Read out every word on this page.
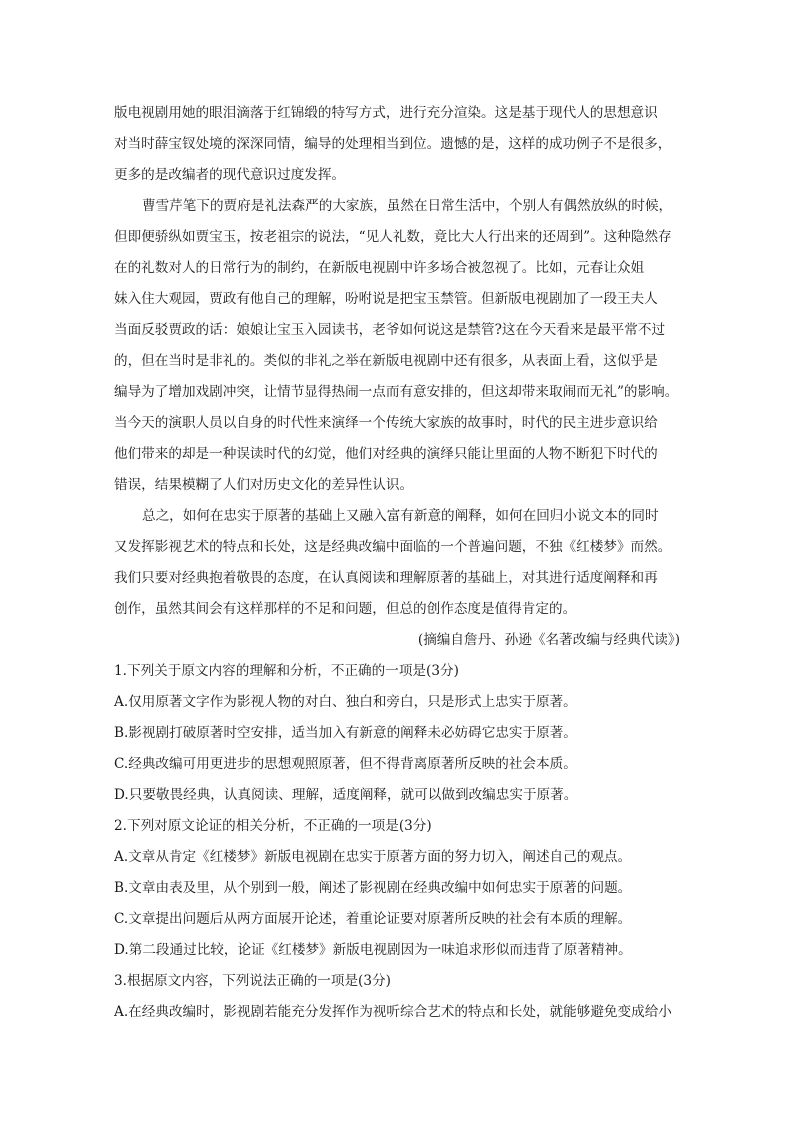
版电视剧用她的眼泪滴落于红锦缎的特写方式，进行充分渲染。这是基于现代人的思想意识
对当时薛宝钗处境的深深同情，编导的处理相当到位。遗憾的是，这样的成功例子不是很多，
更多的是改编者的现代意识过度发挥。
曹雪芹笔下的贾府是礼法森严的大家族，虽然在日常生活中，个别人有偶然放纵的时候，
但即便骄纵如贾宝玉，按老祖宗的说法，“见人礼数，竟比大人行出来的还周到”。这种隐然存
在的礼数对人的日常行为的制约，在新版电视剧中许多场合被忽视了。比如，元春让众姐
妹入住大观园，贾政有他自己的理解，吩咐说是把宝玉禁管。但新版电视剧加了一段王夫人
当面反驳贾政的话：娘娘让宝玉入园读书，老爷如何说这是禁管?这在今天看来是最平常不过
的，但在当时是非礼的。类似的非礼之举在新版电视剧中还有很多，从表面上看，这似乎是
编导为了增加戏剧冲突，让情节显得热闹一点而有意安排的，但这却带来取闹而无礼”的影响。
当今天的演职人员以自身的时代性来演绎一个传统大家族的故事时，时代的民主进步意识给
他们带来的却是一种误读时代的幻觉，他们对经典的演绎只能让里面的人物不断犯下时代的
错误，结果模糊了人们对历史文化的差异性认识。
总之，如何在忠实于原著的基础上又融入富有新意的阐释，如何在回归小说文本的同时
又发挥影视艺术的特点和长处，这是经典改编中面临的一个普遍问题，不独《红楼梦》而然。
我们只要对经典抱着敬畏的态度，在认真阅读和理解原著的基础上，对其进行适度阐释和再
创作，虽然其间会有这样那样的不足和问题，但总的创作态度是值得肯定的。
(摘编自詹丹、孙逊《名著改编与经典代读》)
1.下列关于原文内容的理解和分析，不正确的一项是(3分)
A.仅用原著文字作为影视人物的对白、独白和旁白，只是形式上忠实于原著。
B.影视剧打破原著时空安排，适当加入有新意的阐释未必妨碍它忠实于原著。
C.经典改编可用更进步的思想观照原著，但不得背离原著所反映的社会本质。
D.只要敬畏经典，认真阅读、理解，适度阐释，就可以做到改编忠实于原著。
2.下列对原文论证的相关分析，不正确的一项是(3分)
A.文章从肯定《红楼梦》新版电视剧在忠实于原著方面的努力切入，阐述自己的观点。
B.文章由表及里，从个别到一般，阐述了影视剧在经典改编中如何忠实于原著的问题。
C.文章提出问题后从两方面展开论述，着重论证要对原著所反映的社会有本质的理解。
D.第二段通过比较，论证《红楼梦》新版电视剧因为一味追求形似而违背了原著精神。
3.根据原文内容，下列说法正确的一项是(3分)
A.在经典改编时，影视剧若能充分发挥作为视听综合艺术的特点和长处，就能够避免变成给小
